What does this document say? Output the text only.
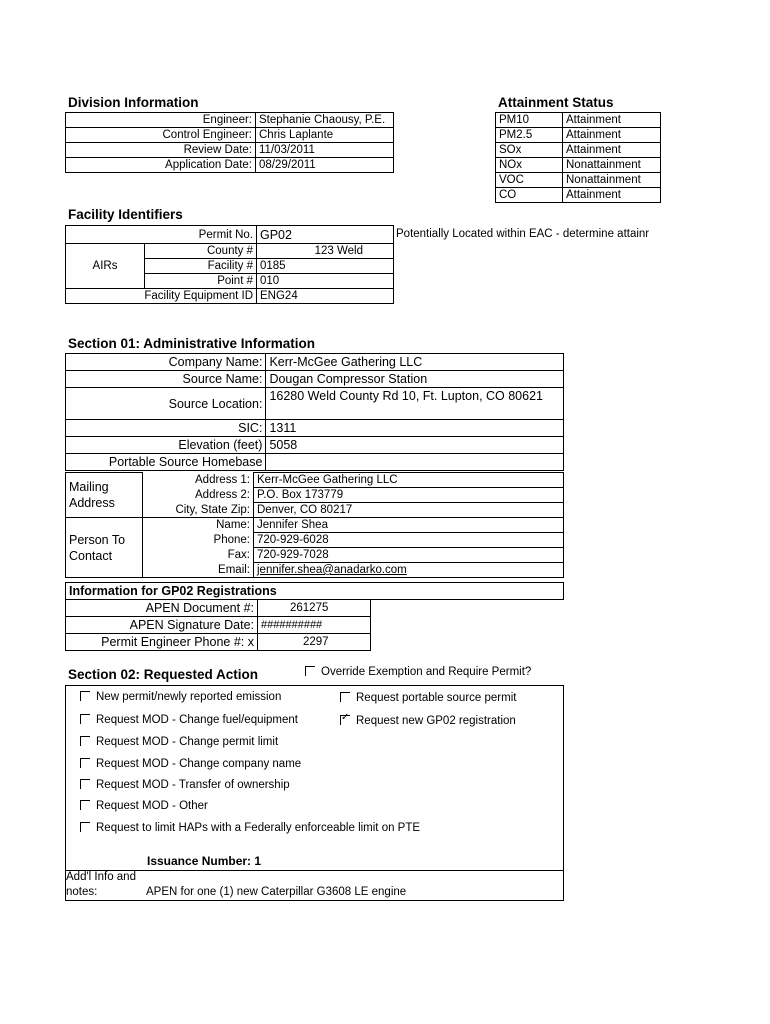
Division Information
Engineer:	Stephanie Chaousy, P.E.
Control Engineer:	Chris Laplante
Review Date:	11/03/2011
Application Date:	08/29/2011
Attainment Status
PM10	Attainment
PM2.5	Attainment
SOx	Attainment
NOx	Nonattainment
VOC	Nonattainment
CO	Attainment
Facility Identifiers
Permit No.		GP02
AIRs	County #	123 Weld
	Facility #	0185
	Point #	010
Facility Equipment ID		ENG24
Potentially Located within EAC - determine attainr
Section 01: Administrative Information
Company Name:	Kerr-McGee Gathering LLC
Source Name:	Dougan Compressor Station
Source Location:	16280 Weld County Rd 10, Ft. Lupton, CO 80621
SIC:	1311
Elevation (feet)	5058
Portable Source Homebase	
Mailing
Address	Address 1:	Kerr-McGee Gathering LLC
	Address 2:	P.O. Box 173779
	City, State Zip:	Denver, CO 80217
Person To
Contact	Name:	Jennifer Shea
	Phone:	720-929-6028
	Fax:	720-929-7028
	Email:	jennifer.shea@anadarko.com
Information for GP02 Registrations
APEN Document #:	261275
APEN Signature Date:	##########
Permit Engineer Phone #: x	2297
Section 02: Requested Action	Override Exemption and Require Permit?
New permit/newly reported emission
Request MOD - Change fuel/equipment
Request MOD - Change permit limit
Request MOD - Change company name
Request MOD - Transfer of ownership
Request MOD - Other
Request to limit HAPs with a Federally enforceable limit on PTE
Request portable source permit
✓Request new GP02 registration
Issuance Number: 1
Add'l Info and
notes:	APEN for one (1) new Caterpillar G3608 LE engine
